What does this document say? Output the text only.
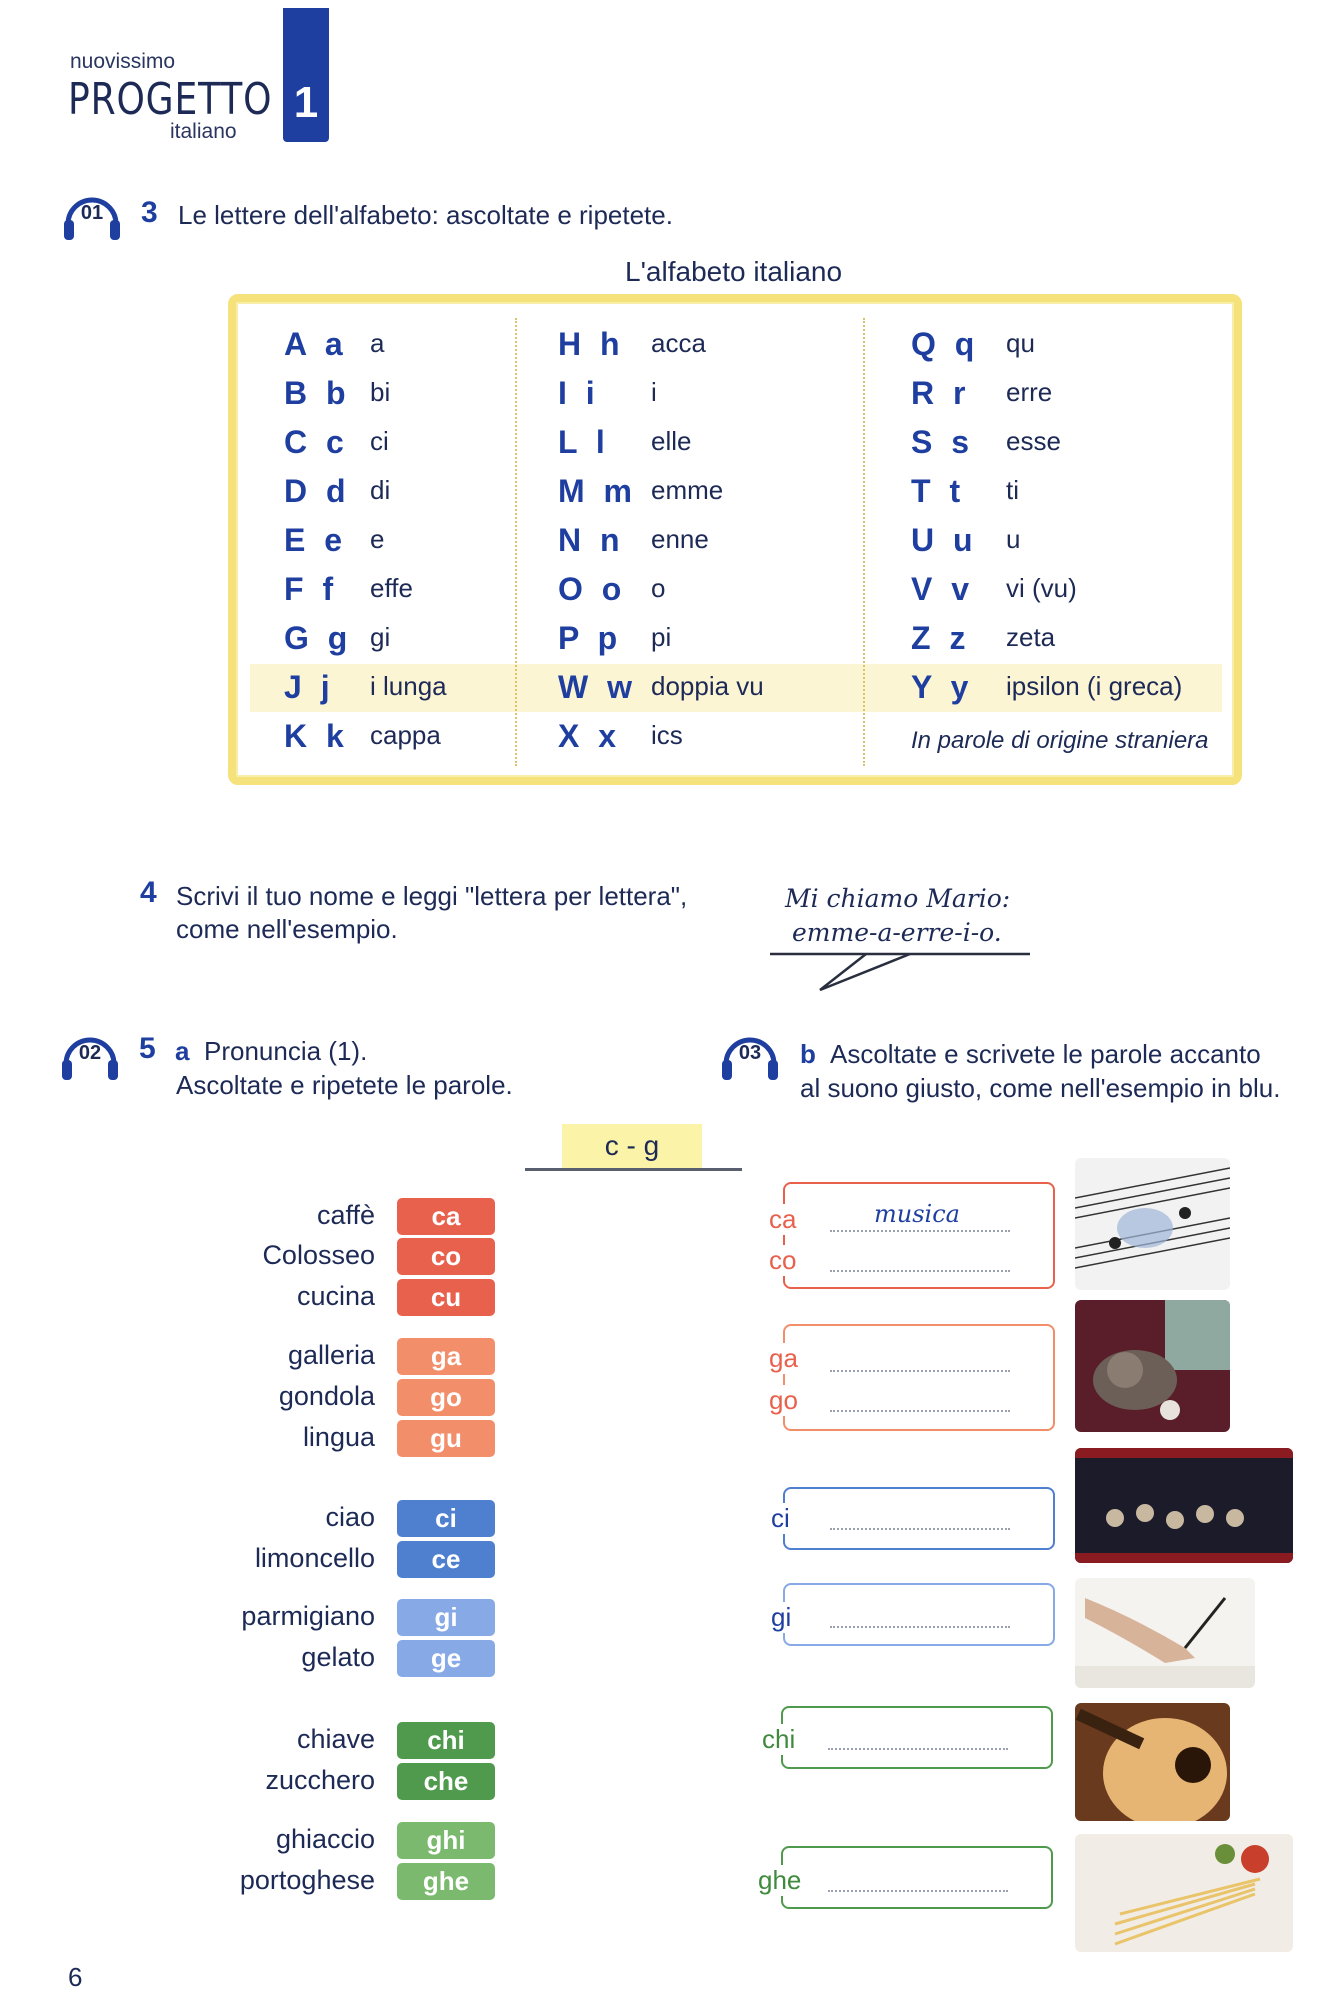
nuovissimo
PROGETTO
italiano
1
01	3 Le lettere dell'alfabeto: ascoltate e ripetete.
L'alfabeto italiano
A a a
B b bi
C c ci
D d di
E e e
F f effe
G g gi
J j i lunga
K k cappa
H h acca
I i i
L l elle
M m emme
N n enne
O o o
P p pi
W w doppia vu
X x ics
Q q qu
R r erre
S s esse
T t ti
U u u
V v vi (vu)
Z z zeta
Y y ipsilon (i greca)
In parole di origine straniera
4 Scrivi il tuo nome e leggi "lettera per lettera",
come nell'esempio.
Mi chiamo Mario:
emme-a-erre-i-o.
02	5 a Pronuncia (1).
Ascoltate e ripetete le parole.
c - g
caffè	ca
Colosseo	co
cucina	cu
galleria	ga
gondola	go
lingua	gu
ciao	ci
limoncello	ce
parmigiano	gi
gelato	ge
chiave	chi
zucchero	che
ghiaccio	ghi
portoghese	ghe
03	b Ascoltate e scrivete le parole accanto
al suono giusto, come nell'esempio in blu.
ca	musica
co
ga
go
ci
gi
chi
ghe
6
